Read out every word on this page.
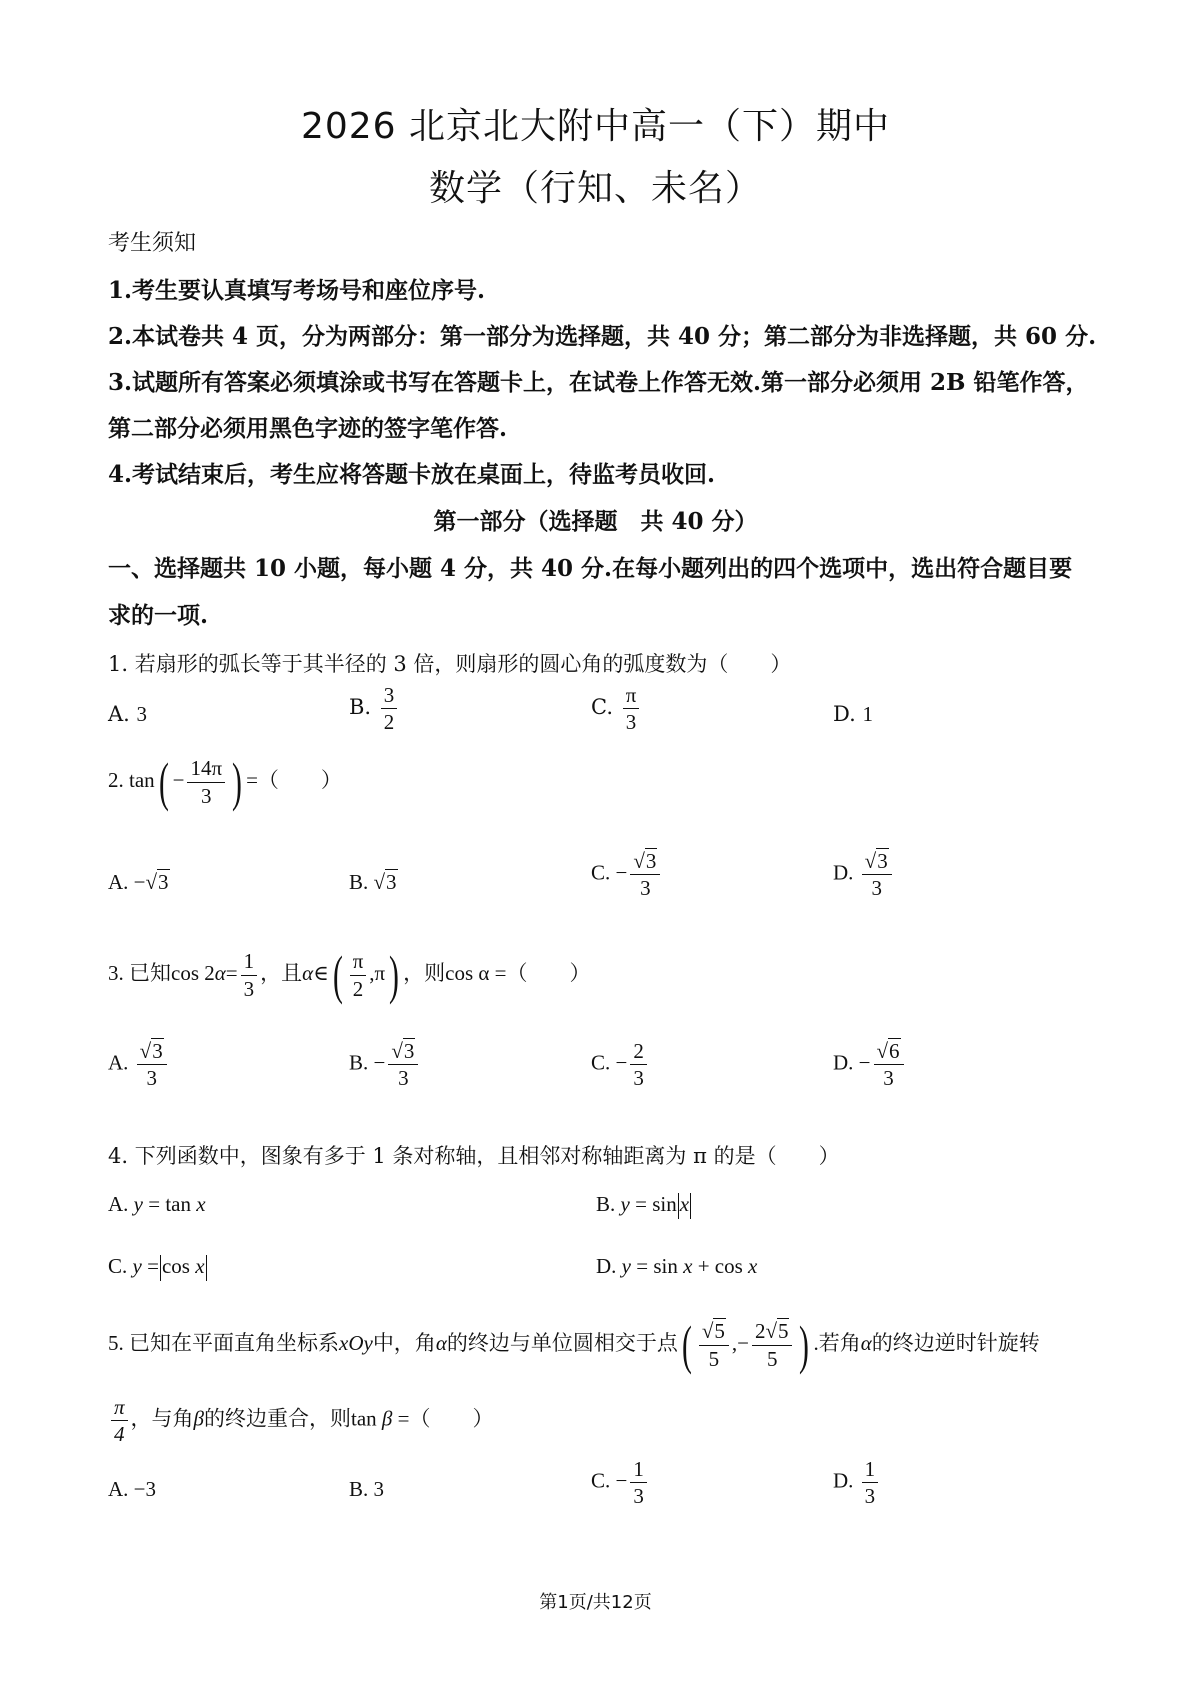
2026 北京北大附中高一（下）期中
数学（行知、未名）
考生须知
1.考生要认真填写考场号和座位序号.
2.本试卷共 4 页，分为两部分：第一部分为选择题，共 40 分；第二部分为非选择题，共 60 分.
3.试题所有答案必须填涂或书写在答题卡上，在试卷上作答无效.第一部分必须用 2B 铅笔作答，
第二部分必须用黑色字迹的签字笔作答.
4.考试结束后，考生应将答题卡放在桌面上，待监考员收回.
第一部分（选择题　共 40 分）
一、选择题共 10 小题，每小题 4 分，共 40 分.在每小题列出的四个选项中，选出符合题目要
求的一项.
1. 若扇形的弧长等于其半径的 3 倍，则扇形的圆心角的弧度数为（　　）
A. 3	B. $\frac{3}{2}$	C. $\frac{\pi}{3}$	D. 1
2. $\tan( - \frac{14\pi}{3}$ ) =（　　）
A. −√3	B. √3	C. − $\frac{√3}{3}$	D. $\frac{√3}{3}$
3. 已知$\cos 2\alpha= \frac{1}{3}$ ，且α∈( $\frac{\pi}{2} ,\pi$) ，则cos α =（　　）
A. $\frac{√3}{3}$	B. − $\frac{√3}{3}$	C. − $\frac{2}{3}$	D. − $\frac{√6}{3}$
4. 下列函数中，图象有多于 1 条对称轴，且相邻对称轴距离为 π 的是（　　）
A. y = tan x	B. y = sin x
C. y = cos x	D. y = sin x + cos x
5. 已知在平面直角坐标系xOy中，角α的终边与单位圆相交于点( $\frac{√5}{5}$ ,− $\frac{2√5}{5}$ ) .若角α的终边逆时针旋转
$\frac{\pi}{4}$ ，与角β的终边重合，则tan β =（　　）
A. −3	B. 3	C. − $\frac{1}{3}$	D. $\frac{1}{3}$
第1页/共12页
